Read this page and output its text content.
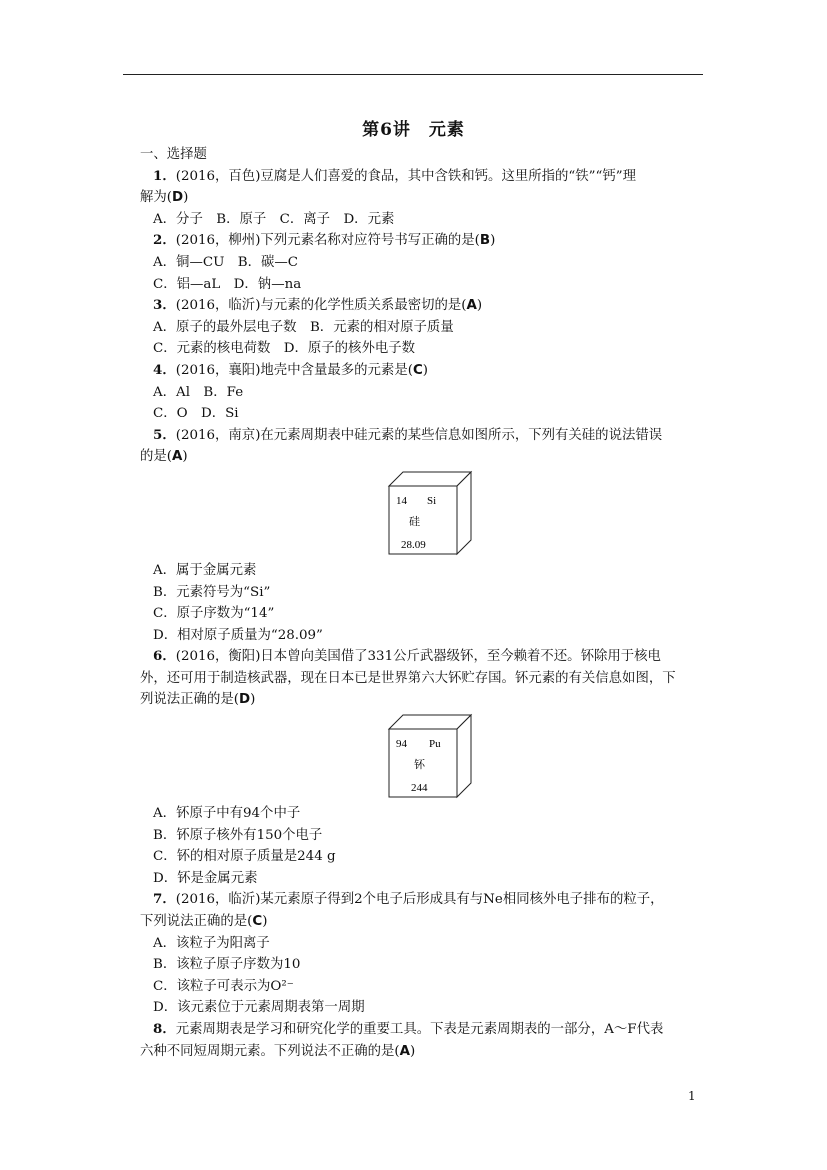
第6讲　元素
一、选择题
1．(2016，百色)豆腐是人们喜爱的食品，其中含铁和钙。这里所指的“铁”“钙”理
解为(D)
A．分子　B．原子　C．离子　D．元素
2．(2016，柳州)下列元素名称对应符号书写正确的是(B)
A．铜—CU　B．碳—C
C．铝—aL　D．钠—na
3．(2016，临沂)与元素的化学性质关系最密切的是(A)
A．原子的最外层电子数　B．元素的相对原子质量
C．元素的核电荷数　D．原子的核外电子数
4．(2016，襄阳)地壳中含量最多的元素是(C)
A．Al　B．Fe
C．O　D．Si
5．(2016，南京)在元素周期表中硅元素的某些信息如图所示，下列有关硅的说法错误
的是(A)
14 Si
硅
28.09
A．属于金属元素
B．元素符号为“Si”
C．原子序数为“14”
D．相对原子质量为“28.09”
6．(2016，衡阳)日本曾向美国借了331公斤武器级钚，至今赖着不还。钚除用于核电
外，还可用于制造核武器，现在日本已是世界第六大钚贮存国。钚元素的有关信息如图，下
列说法正确的是(D)
94 Pu
钚
244
A．钚原子中有94个中子
B．钚原子核外有150个电子
C．钚的相对原子质量是244 g
D．钚是金属元素
7．(2016，临沂)某元素原子得到2个电子后形成具有与Ne相同核外电子排布的粒子，
下列说法正确的是(C)
A．该粒子为阳离子
B．该粒子原子序数为10
C．该粒子可表示为O²⁻
D．该元素位于元素周期表第一周期
8．元素周期表是学习和研究化学的重要工具。下表是元素周期表的一部分，A～F代表
六种不同短周期元素。下列说法不正确的是(A)
1
